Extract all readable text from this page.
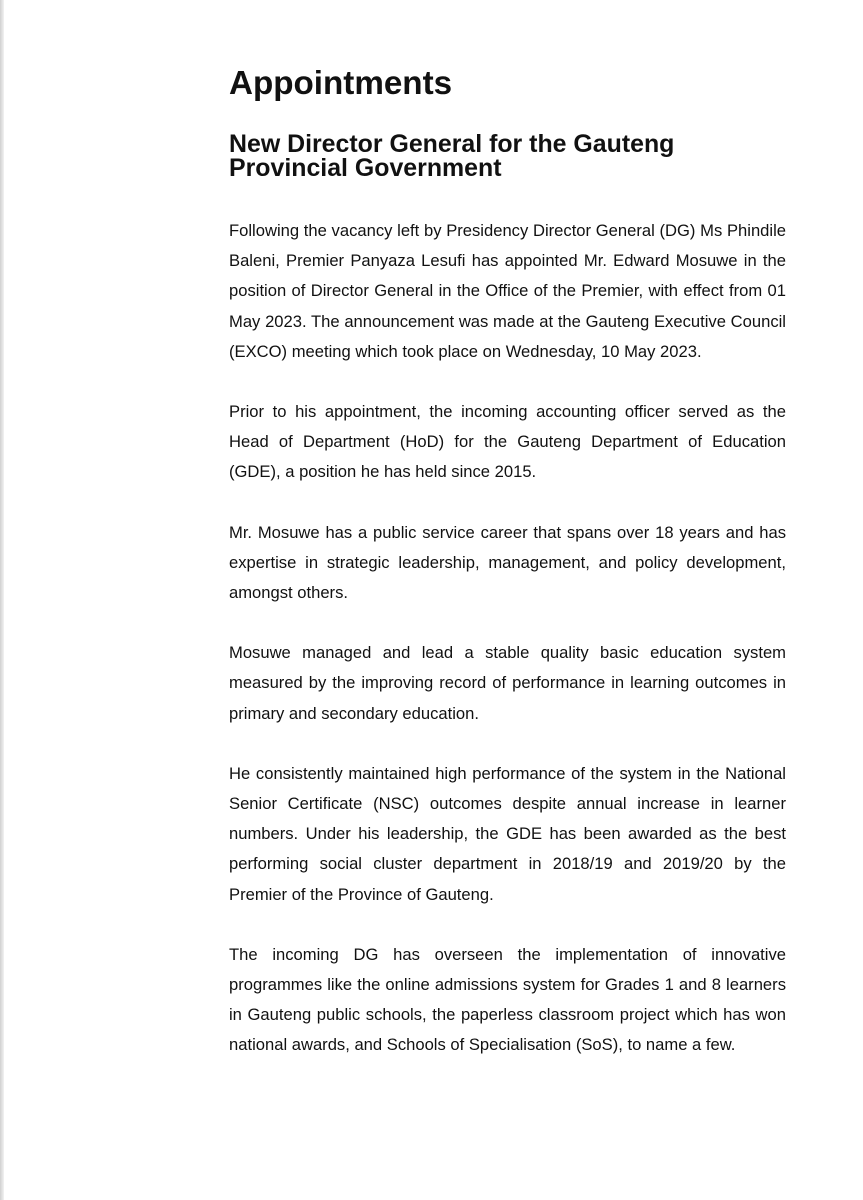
Appointments
New Director General for the Gauteng Provincial Government

Following the vacancy left by Presidency Director General (DG) Ms Phindile Baleni, Premier Panyaza Lesufi has appointed Mr. Edward Mosuwe in the position of Director General in the Office of the Premier, with effect from 01 May 2023. The announcement was made at the Gauteng Executive Council (EXCO) meeting which took place on Wednesday, 10 May 2023.

Prior to his appointment, the incoming accounting officer served as the Head of Department (HoD) for the Gauteng Department of Education (GDE), a position he has held since 2015.

Mr. Mosuwe has a public service career that spans over 18 years and has expertise in strategic leadership, management, and policy development, amongst others.

Mosuwe managed and lead a stable quality basic education system measured by the improving record of performance in learning outcomes in primary and secondary education.

He consistently maintained high performance of the system in the National Senior Certificate (NSC) outcomes despite annual increase in learner numbers. Under his leadership, the GDE has been awarded as the best performing social cluster department in 2018/19 and 2019/20 by the Premier of the Province of Gauteng.

The incoming DG has overseen the implementation of innovative programmes like the online admissions system for Grades 1 and 8 learners in Gauteng public schools, the paperless classroom project which has won national awards, and Schools of Specialisation (SoS), to name a few.
